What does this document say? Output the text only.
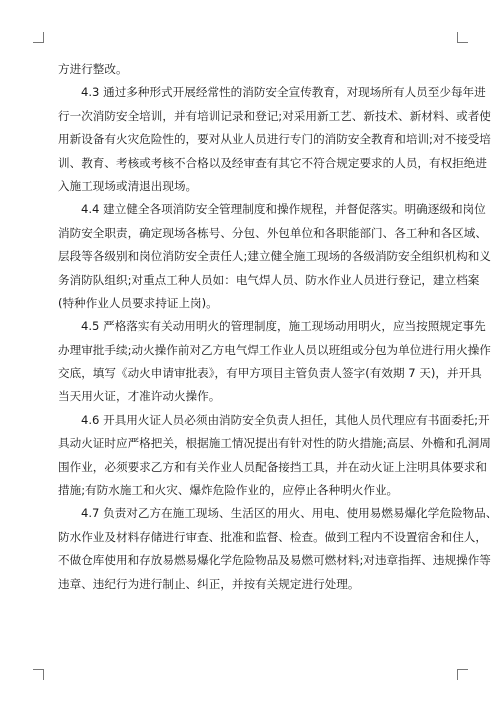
方进行整改。
4.3 通过多种形式开展经常性的消防安全宣传教育，对现场所有人员至少每年进
行一次消防安全培训，并有培训记录和登记;对采用新工艺、新技术、新材料、或者使
用新设备有火灾危险性的，要对从业人员进行专门的消防安全教育和培训;对不接受培
训、教育、考核或考核不合格以及经审查有其它不符合规定要求的人员，有权拒绝进
入施工现场或清退出现场。
4.4 建立健全各项消防安全管理制度和操作规程，并督促落实。明确逐级和岗位
消防安全职责，确定现场各栋号、分包、外包单位和各职能部门、各工种和各区域、
层段等各级别和岗位消防安全责任人;建立健全施工现场的各级消防安全组织机构和义
务消防队组织;对重点工种人员如：电气焊人员、防水作业人员进行登记，建立档案
(特种作业人员要求持证上岗)。
4.5 严格落实有关动用明火的管理制度，施工现场动用明火，应当按照规定事先
办理审批手续;动火操作前对乙方电气焊工作业人员以班组或分包为单位进行用火操作
交底，填写《动火申请审批表》，有甲方项目主管负责人签字(有效期 7 天)，并开具
当天用火证，才准许动火操作。
4.6 开具用火证人员必须由消防安全负责人担任，其他人员代理应有书面委托;开
具动火证时应严格把关，根据施工情况提出有针对性的防火措施;高层、外檐和孔洞周
围作业，必须要求乙方和有关作业人员配备接挡工具，并在动火证上注明具体要求和
措施;有防水施工和火灾、爆炸危险作业的，应停止各种明火作业。
4.7 负责对乙方在施工现场、生活区的用火、用电、使用易燃易爆化学危险物品、
防水作业及材料存储进行审查、批准和监督、检查。做到工程内不设置宿舍和住人，
不做仓库使用和存放易燃易爆化学危险物品及易燃可燃材料;对违章指挥、违规操作等
违章、违纪行为进行制止、纠正，并按有关规定进行处理。
